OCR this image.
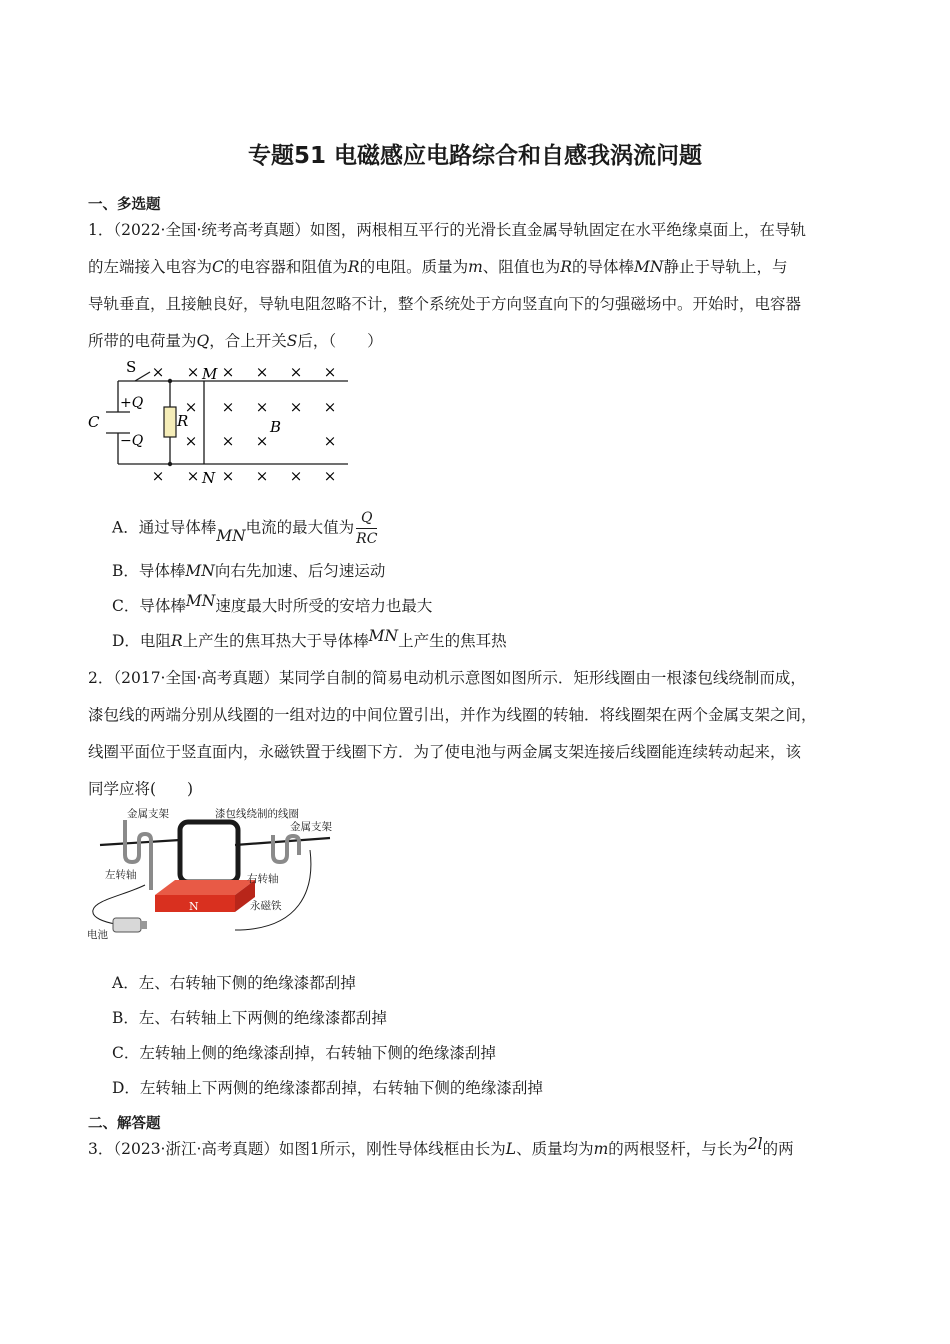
专题51 电磁感应电路综合和自感我涡流问题
一、多选题
1．（2022·全国·统考高考真题）如图，两根相互平行的光滑长直金属导轨固定在水平绝缘桌面上，在导轨
的左端接入电容为C的电容器和阻值为R的电阻。质量为m、阻值也为R的导体棒MN静止于导轨上，与
导轨垂直，且接触良好，导轨电阻忽略不计，整个系统处于方向竖直向下的匀强磁场中。开始时，电容器
所带的电荷量为Q，合上开关S后，（　　）
S
C
+Q
−Q
R
M
N
B
× × × × × ×
× × × × ×
× × ×	×
× × × × × ×
A．通过导体棒MN电流的最大值为 $\frac{Q}{RC}$
B．导体棒MN向右先加速、后匀速运动
C．导体棒MN速度最大时所受的安培力也最大
D．电阻R上产生的焦耳热大于导体棒MN上产生的焦耳热
2．（2017·全国·高考真题）某同学自制的简易电动机示意图如图所示．矩形线圈由一根漆包线绕制而成，
漆包线的两端分别从线圈的一组对边的中间位置引出，并作为线圈的转轴．将线圈架在两个金属支架之间，
线圈平面位于竖直面内，永磁铁置于线圈下方．为了使电池与两金属支架连接后线圈能连续转动起来，该
同学应将(　　)
金属支架	漆包线绕制的线圈
金属支架
左转轴	右转轴
永磁铁
电池
N
A．左、右转轴下侧的绝缘漆都刮掉
B．左、右转轴上下两侧的绝缘漆都刮掉
C．左转轴上侧的绝缘漆刮掉，右转轴下侧的绝缘漆刮掉
D．左转轴上下两侧的绝缘漆都刮掉，右转轴下侧的绝缘漆刮掉
二、解答题
3．（2023·浙江·高考真题）如图1所示，刚性导体线框由长为L、质量均为m的两根竖杆，与长为2l的两
